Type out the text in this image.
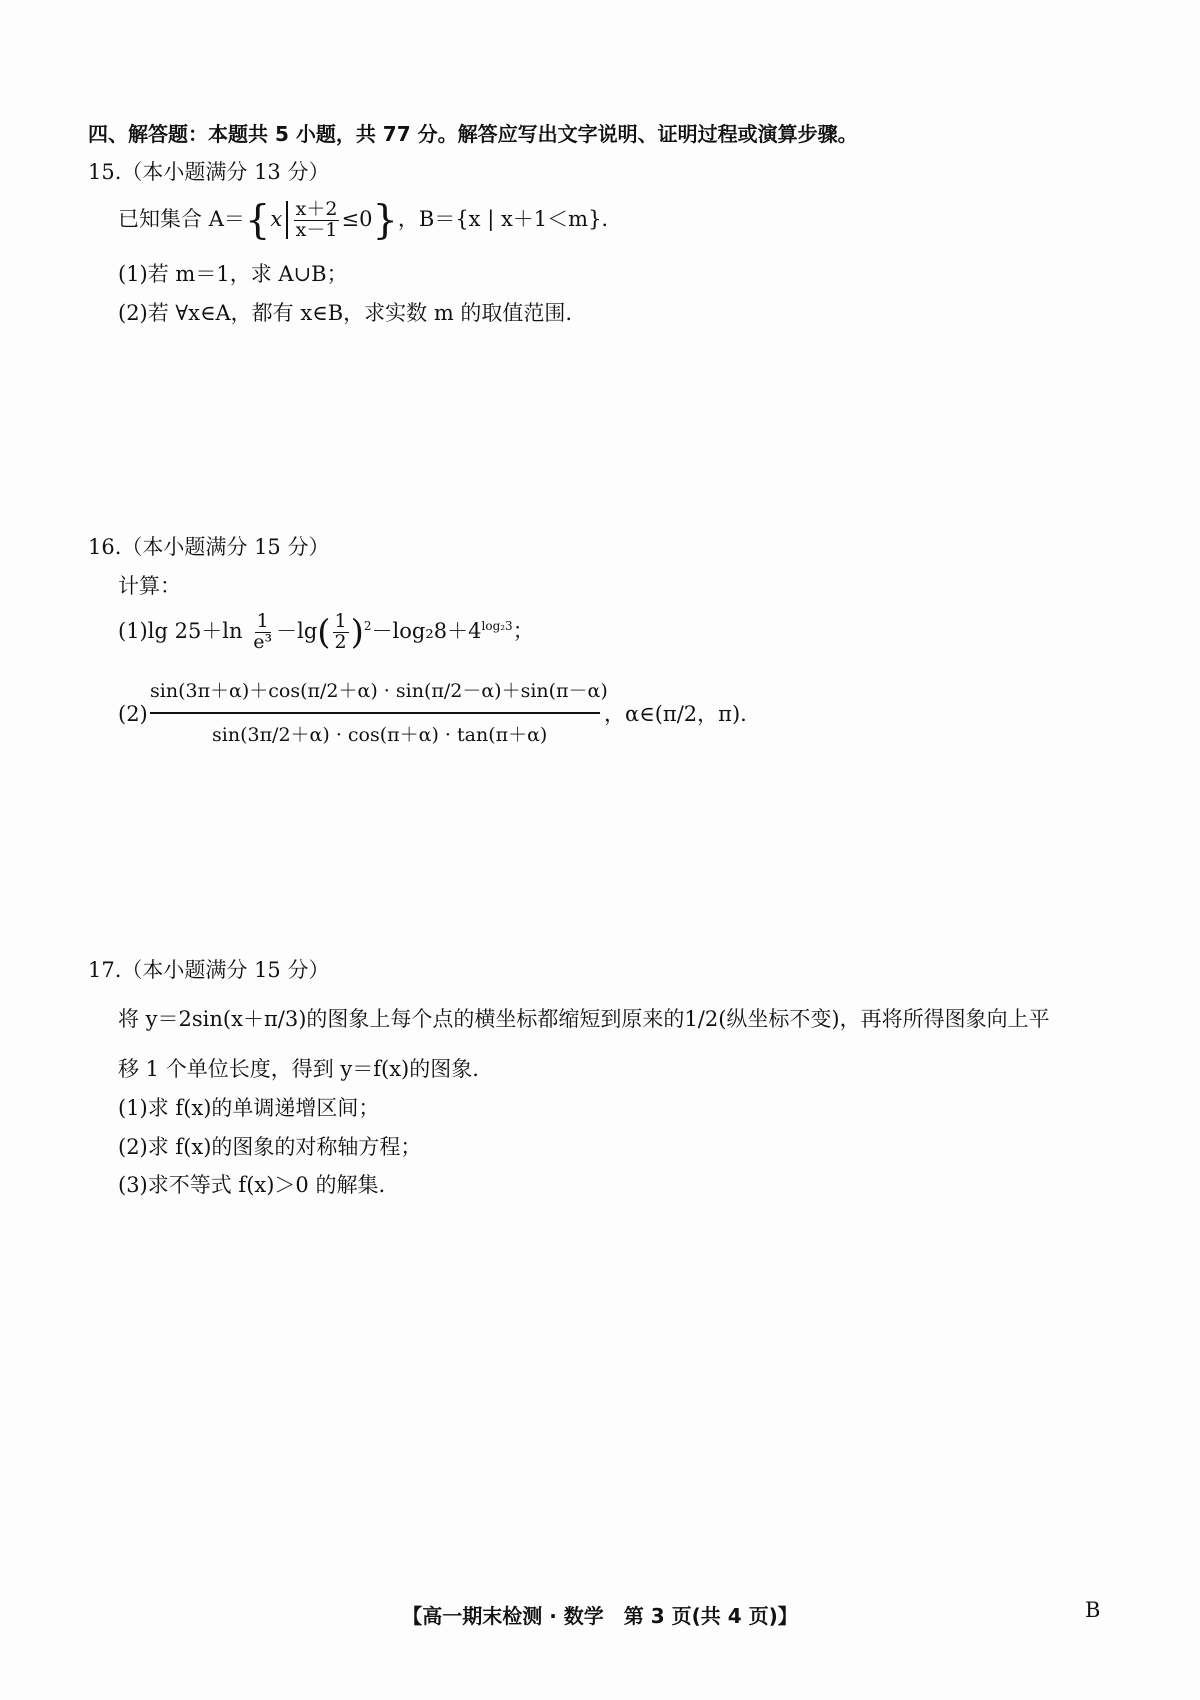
四、解答题：本题共 5 小题，共 77 分。解答应写出文字说明、证明过程或演算步骤。
15.（本小题满分 13 分）
已知集合 $A=\{x \frac{x+2}{x-1} \le 0\}$，B＝{x | x＋1＜m}.
(1)若 m＝1，求 A∪B；
(2)若 ∀x∈A，都有 x∈B，求实数 m 的取值范围.
16.（本小题满分 15 分）
计算：
(1)lg $25+\ln \frac{1}{\text{e³}} -\lg( \frac{1}{2} )^2-\log_28+4^{log_23}$；
(2)
sin(3π＋α)＋cos(π/2＋α) · sin(π/2－α)＋sin(π－α)
sin(3π/2＋α) · cos(π＋α) · tan(π＋α)
，α∈(π/2，π).
17.（本小题满分 15 分）
将 y＝2sin(x＋π/3)的图象上每个点的横坐标都缩短到原来的1/2(纵坐标不变)，再将所得图象向上平
移 1 个单位长度，得到 y＝f(x)的图象.
(1)求 f(x)的单调递增区间；
(2)求 f(x)的图象的对称轴方程；
(3)求不等式 f(x)＞0 的解集.
【高一期末检测 · 数学　第 3 页(共 4 页)】	B
